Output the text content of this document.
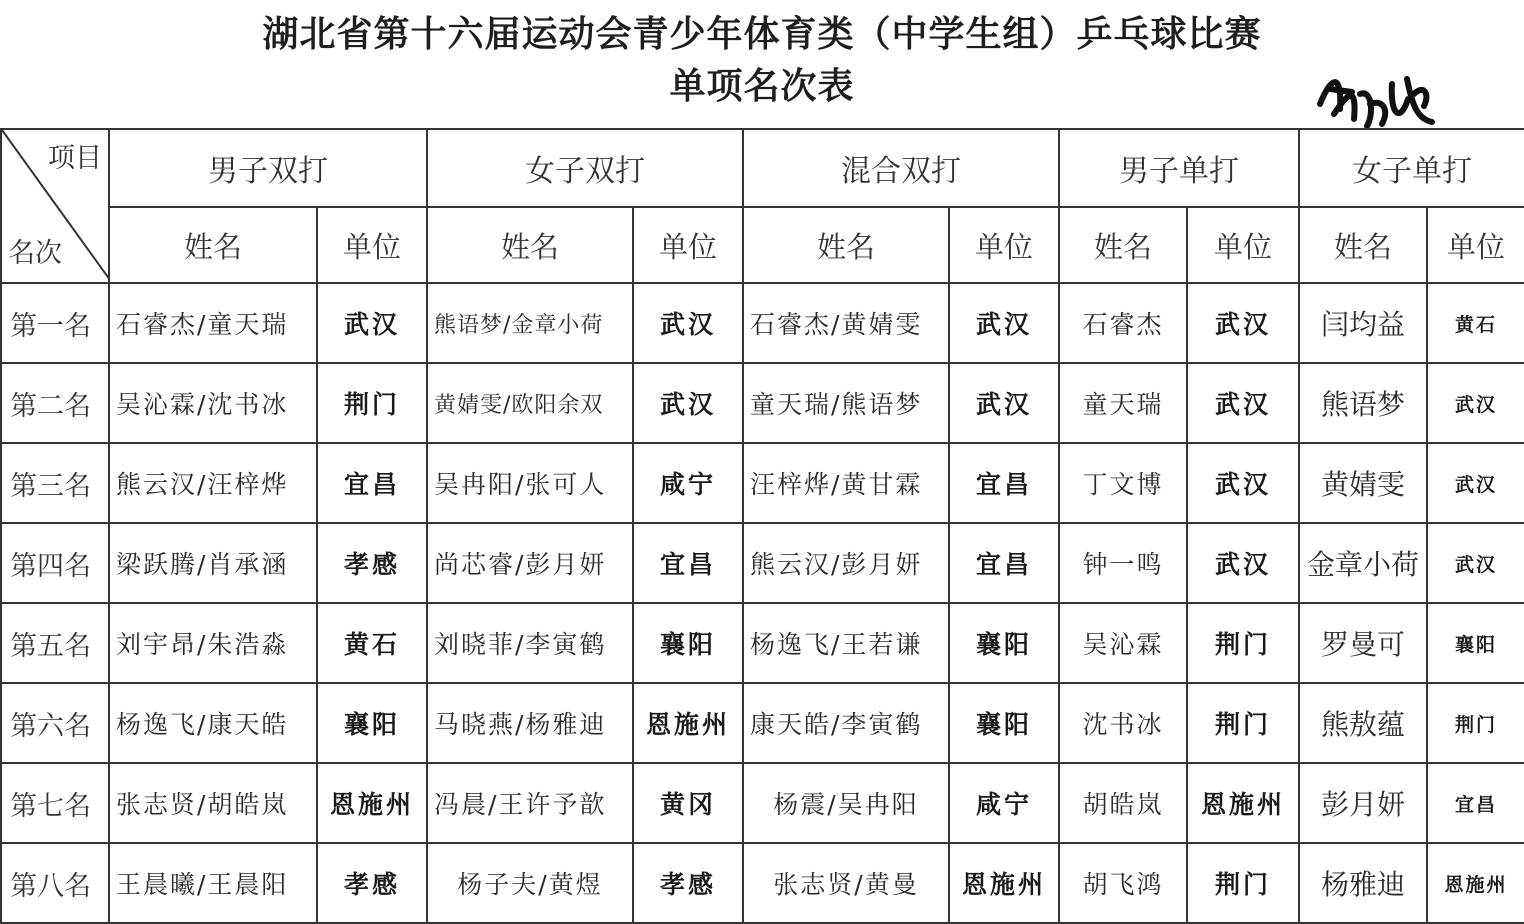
湖北省第十六届运动会青少年体育类（中学生组）乒乓球比赛
单项名次表
项目
名次	男子双打		女子双打		混合双打		男子单打		女子单打	
	姓名	单位	姓名	单位	姓名	单位	姓名	单位	姓名	单位
第一名	石睿杰/童天瑞	武汉	熊语梦/金章小荷	武汉	石睿杰/黄婧雯	武汉	石睿杰	武汉	闫均益	黄石
第二名	吴沁霖/沈书冰	荆门	黄婧雯/欧阳余双	武汉	童天瑞/熊语梦	武汉	童天瑞	武汉	熊语梦	武汉
第三名	熊云汉/汪梓烨	宜昌	吴冉阳/张可人	咸宁	汪梓烨/黄甘霖	宜昌	丁文博	武汉	黄婧雯	武汉
第四名	梁跃腾/肖承涵	孝感	尚芯睿/彭月妍	宜昌	熊云汉/彭月妍	宜昌	钟一鸣	武汉	金章小荷	武汉
第五名	刘宇昂/朱浩淼	黄石	刘晓菲/李寅鹤	襄阳	杨逸飞/王若谦	襄阳	吴沁霖	荆门	罗曼可	襄阳
第六名	杨逸飞/康天皓	襄阳	马晓燕/杨雅迪	恩施州	康天皓/李寅鹤	襄阳	沈书冰	荆门	熊敖蕴	荆门
第七名	张志贤/胡皓岚	恩施州	冯晨/王许予歆	黄冈	杨震/吴冉阳	咸宁	胡皓岚	恩施州	彭月妍	宜昌
第八名	王晨曦/王晨阳	孝感	杨子夫/黄煜	孝感	张志贤/黄曼	恩施州	胡飞鸿	荆门	杨雅迪	恩施州
